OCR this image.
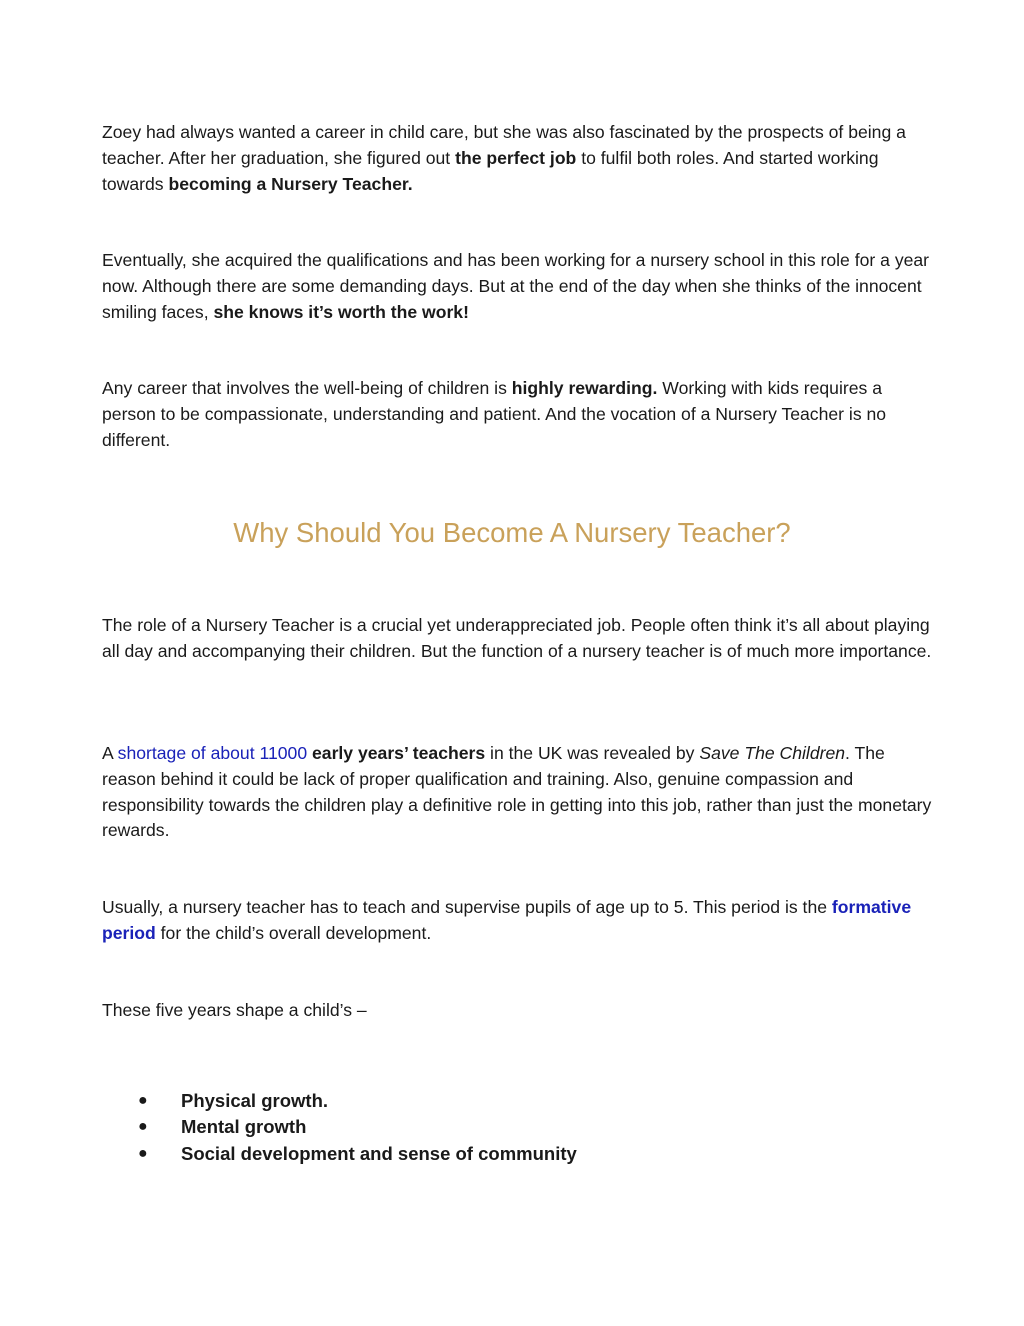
Zoey had always wanted a career in child care, but she was also fascinated by the prospects of being a teacher. After her graduation, she figured out the perfect job to fulfil both roles. And started working towards becoming a Nursery Teacher.

Eventually, she acquired the qualifications and has been working for a nursery school in this role for a year now. Although there are some demanding days. But at the end of the day when she thinks of the innocent smiling faces, she knows it’s worth the work!

Any career that involves the well-being of children is highly rewarding. Working with kids requires a person to be compassionate, understanding and patient. And the vocation of a Nursery Teacher is no different.

Why Should You Become A Nursery Teacher?

The role of a Nursery Teacher is a crucial yet underappreciated job. People often think it’s all about playing all day and accompanying their children. But the function of a nursery teacher is of much more importance.

A shortage of about 11000 early years’ teachers in the UK was revealed by Save The Children. The reason behind it could be lack of proper qualification and training. Also, genuine compassion and responsibility towards the children play a definitive role in getting into this job, rather than just the monetary rewards.

Usually, a nursery teacher has to teach and supervise pupils of age up to 5. This period is the formative period for the child’s overall development.

These five years shape a child’s –

● Physical growth.
● Mental growth
● Social development and sense of community
